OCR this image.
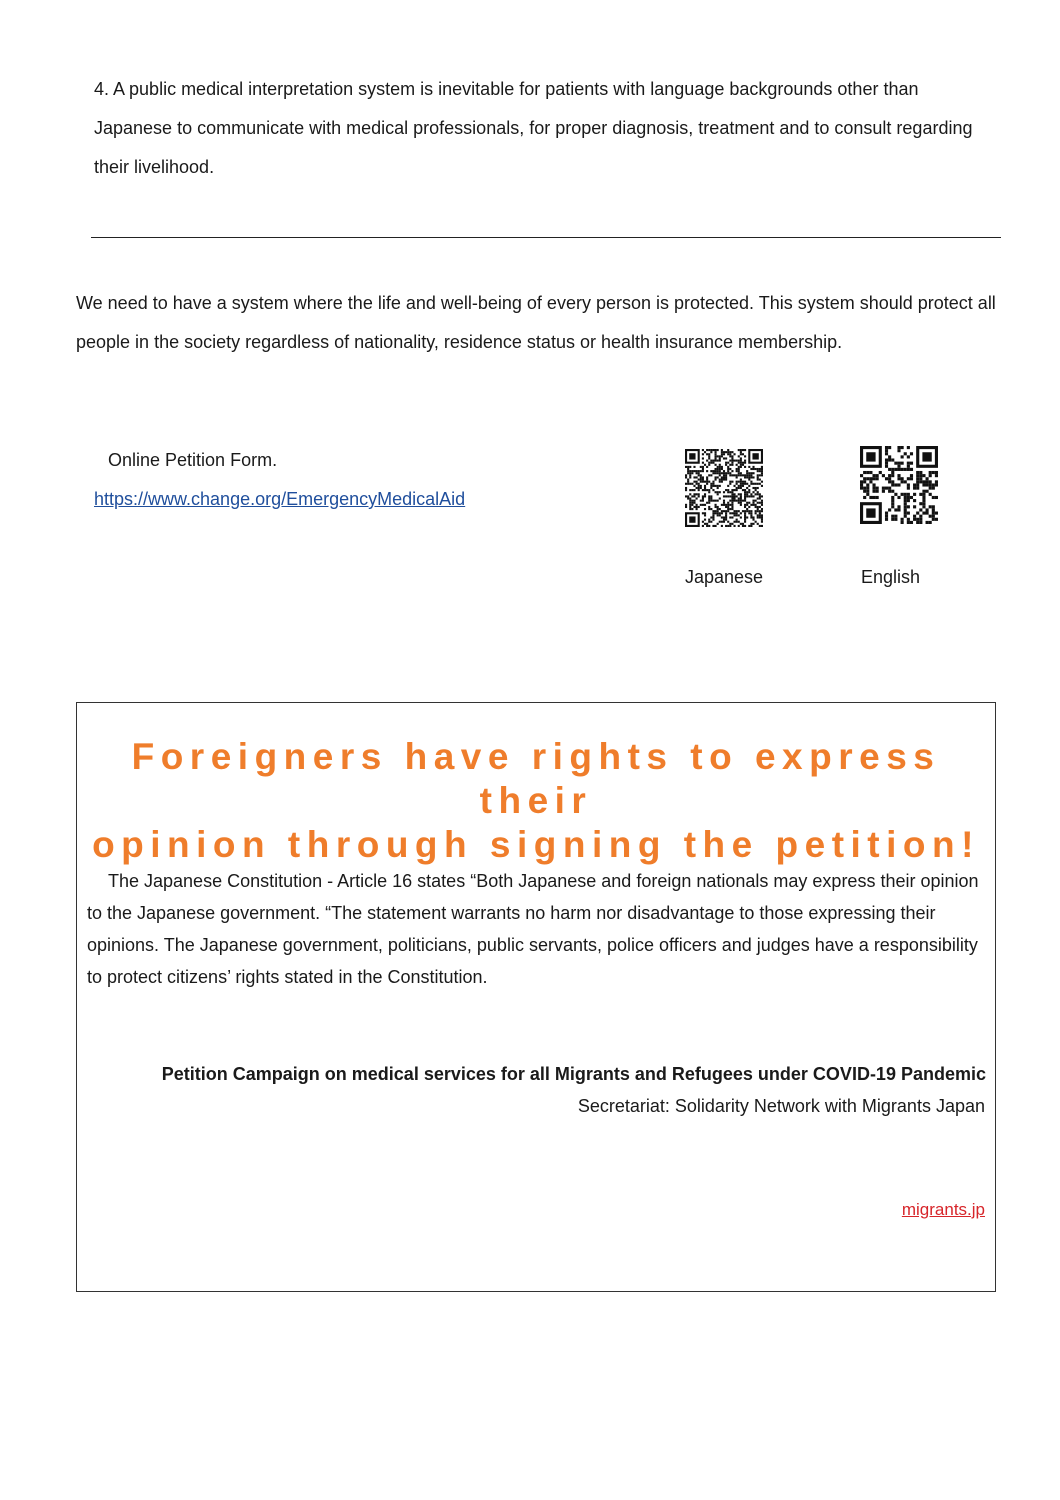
4. A public medical interpretation system is inevitable for patients with language backgrounds other than Japanese to communicate with medical professionals, for proper diagnosis, treatment and to consult regarding their livelihood.

We need to have a system where the life and well-being of every person is protected. This system should protect all people in the society regardless of nationality, residence status or health insurance membership.

Online Petition Form.
https://www.change.org/EmergencyMedicalAid
Japanese	English
Foreigners have rights to express their
opinion through signing the petition!

The Japanese Constitution - Article 16 states “Both Japanese and foreign nationals may express their opinion to the Japanese government. “The statement warrants no harm nor disadvantage to those expressing their opinions. The Japanese government, politicians, public servants, police officers and judges have a responsibility to protect citizens’ rights stated in the Constitution.

Petition Campaign on medical services for all Migrants and Refugees under COVID-19 Pandemic
Secretariat: Solidarity Network with Migrants Japan
migrants.jp
